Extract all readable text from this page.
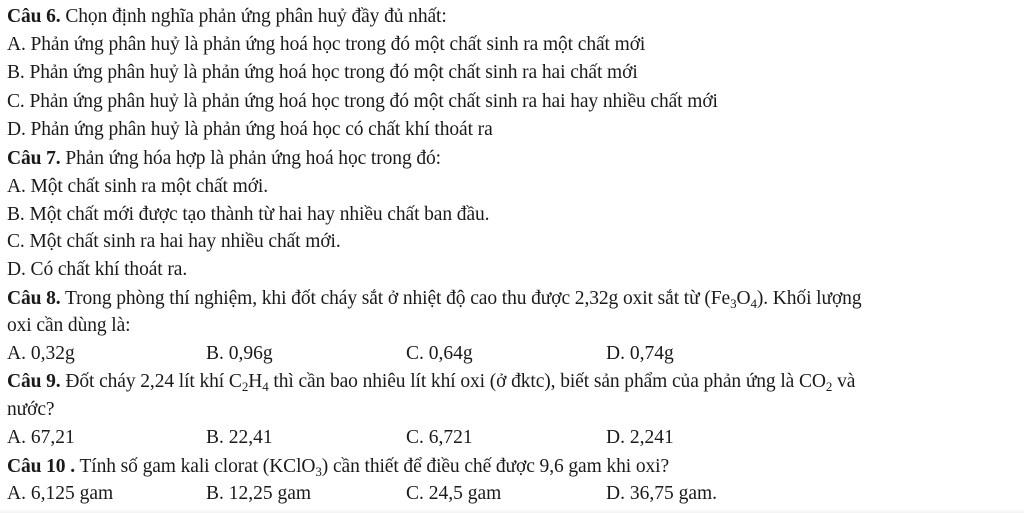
Câu 6. Chọn định nghĩa phản ứng phân huỷ đầy đủ nhất:
A. Phản ứng phân huỷ là phản ứng hoá học trong đó một chất sinh ra một chất mới
B. Phản ứng phân huỷ là phản ứng hoá học trong đó một chất sinh ra hai chất mới
C. Phản ứng phân huỷ là phản ứng hoá học trong đó một chất sinh ra hai hay nhiều chất mới
D. Phản ứng phân huỷ là phản ứng hoá học có chất khí thoát ra
Câu 7. Phản ứng hóa hợp là phản ứng hoá học trong đó:
A. Một chất sinh ra một chất mới.
B. Một chất mới được tạo thành từ hai hay nhiều chất ban đầu.
C. Một chất sinh ra hai hay nhiều chất mới.
D. Có chất khí thoát ra.
Câu 8. Trong phòng thí nghiệm, khi đốt cháy sắt ở nhiệt độ cao thu được 2,32g oxit sắt từ $(Fe_3O_4)$. Khối lượng
oxi cần dùng là:
A. 0,32g	B. 0,96g	C. 0,64g	D. 0,74g
Câu 9. Đốt cháy 2,24 lít khí $C_2H_4$ thì cần bao nhiêu lít khí oxi (ở đktc), biết sản phẩm của phản ứng là $CO_2$ và
nước?
A. 67,21	B. 22,41	C. 6,721	D. 2,241
Câu 10 . Tính số gam kali clorat (KClO$_3$) cần thiết để điều chế được 9,6 gam khi oxi?
A. 6,125 gam	B. 12,25 gam	C. 24,5 gam	D. 36,75 gam.
